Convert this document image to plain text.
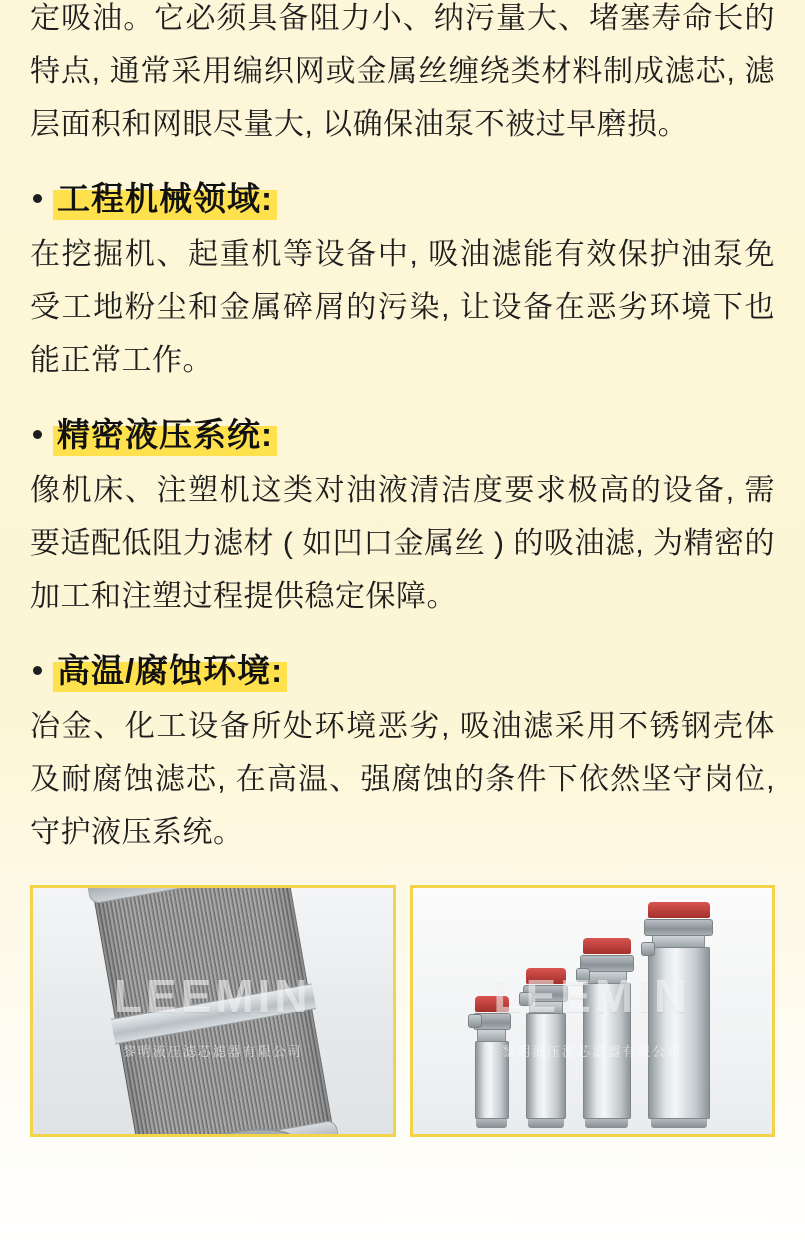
定吸油。它必须具备阻力小、纳污量大、堵塞寿命长的特点, 通常采用编织网或金属丝缠绕类材料制成滤芯, 滤层面积和网眼尽量大, 以确保油泵不被过早磨损。

工程机械领域:

在挖掘机、起重机等设备中, 吸油滤能有效保护油泵免受工地粉尘和金属碎屑的污染, 让设备在恶劣环境下也能正常工作。

精密液压系统:

像机床、注塑机这类对油液清洁度要求极高的设备, 需要适配低阻力滤材 ( 如凹口金属丝 ) 的吸油滤, 为精密的加工和注塑过程提供稳定保障。

高温/腐蚀环境:

冶金、化工设备所处环境恶劣, 吸油滤采用不锈钢壳体及耐腐蚀滤芯, 在高温、强腐蚀的条件下依然坚守岗位, 守护液压系统。

LEEMIN
黎明液压滤芯滤器有限公司
LEEMIN
黎明液压滤芯滤器有限公司
